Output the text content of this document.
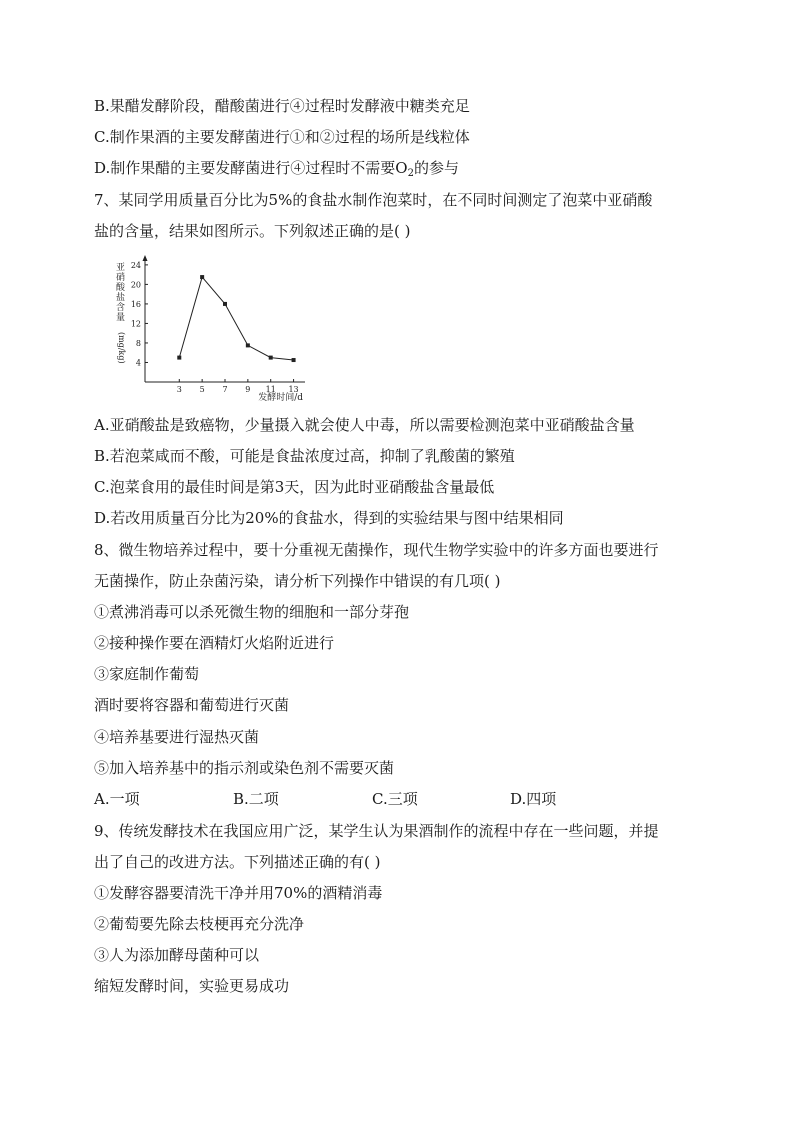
B.果醋发酵阶段，醋酸菌进行④过程时发酵液中糖类充足
C.制作果酒的主要发酵菌进行①和②过程的场所是线粒体
D.制作果醋的主要发酵菌进行④过程时不需要$O_2$的参与
7、某同学用质量百分比为5%的食盐水制作泡菜时，在不同时间测定了泡菜中亚硝酸
盐的含量，结果如图所示。下列叙述正确的是( )
亚硝酸盐含量
(mg/kg) 4
8
12
16
20
24
3 5 7 9 11 13
发酵时间/d
A.亚硝酸盐是致癌物，少量摄入就会使人中毒，所以需要检测泡菜中亚硝酸盐含量
B.若泡菜咸而不酸，可能是食盐浓度过高，抑制了乳酸菌的繁殖
C.泡菜食用的最佳时间是第3天，因为此时亚硝酸盐含量最低
D.若改用质量百分比为20%的食盐水，得到的实验结果与图中结果相同
8、微生物培养过程中，要十分重视无菌操作，现代生物学实验中的许多方面也要进行
无菌操作，防止杂菌污染，请分析下列操作中错误的有几项( )
①煮沸消毒可以杀死微生物的细胞和一部分芽孢
②接种操作要在酒精灯火焰附近进行
③家庭制作葡萄
酒时要将容器和葡萄进行灭菌
④培养基要进行湿热灭菌
⑤加入培养基中的指示剂或染色剂不需要灭菌
A.一项	B.二项	C.三项	D.四项
9、传统发酵技术在我国应用广泛，某学生认为果酒制作的流程中存在一些问题，并提
出了自己的改进方法。下列描述正确的有( )
①发酵容器要清洗干净并用70%的酒精消毒
②葡萄要先除去枝梗再充分洗净
③人为添加酵母菌种可以
缩短发酵时间，实验更易成功
